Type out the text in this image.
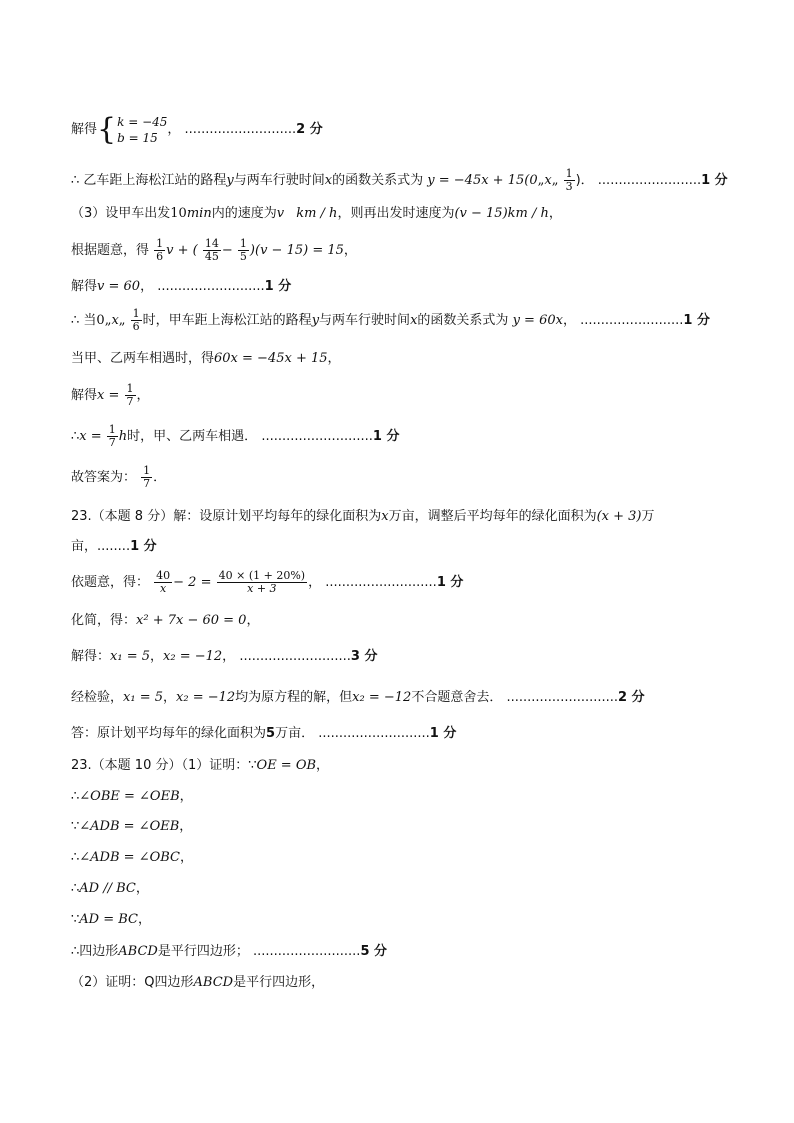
解得{ k = −45
b = 15
， ...........................2 分
∴ 乙车距上海松江站的路程y与两车行驶时间x的函数关系式为 y = −45x + 15(0„x„ $\frac{1}{3}$ )． .........................1 分
（3）设甲车出发10min内的速度为v km / h，则再出发时速度为(v − 15)km / h，
根据题意，得 $\frac{1}{6}$ v + ( $\frac{14}{45} - \frac{1}{5} )(v - 15) = 15$，
解得v = 60， ..........................1 分
∴ 当0„x„ $\frac{1}{6}$ 时，甲车距上海松江站的路程y与两车行驶时间x的函数关系式为 y = 60x， .........................1 分
当甲、乙两车相遇时，得60x = −45x + 15，
解得$x = \frac{1}{7}$ ，
∴x = $\frac{1}{7}$ h时，甲、乙两车相遇． ...........................1 分
故答案为： $\frac{1}{7}$ ．
23.（本题 8 分）解：设原计划平均每年的绿化面积为x万亩，调整后平均每年的绿化面积为(x + 3)万
亩，........1 分
依题意，得： $\frac{40}{x} - 2 = \frac{40 \times (1 + 20\%)}{x + 3}$ ， ...........................1 分
化简，得：x² + 7x − 60 = 0，
解得：x₁ = 5，x₂ = −12， ...........................3 分
经检验，x₁ = 5，x₂ = −12均为原方程的解，但x₂ = −12不合题意舍去． ...........................2 分
答：原计划平均每年的绿化面积为5万亩． ...........................1 分
23.（本题 10 分）（1）证明：∵OE = OB，
∴∠OBE = ∠OEB，
∵∠ADB = ∠OEB，
∴∠ADB = ∠OBC，
∴AD // BC，
∵AD = BC，
∴四边形ABCD是平行四边形； ..........................5 分
（2）证明：Q四边形ABCD是平行四边形，
